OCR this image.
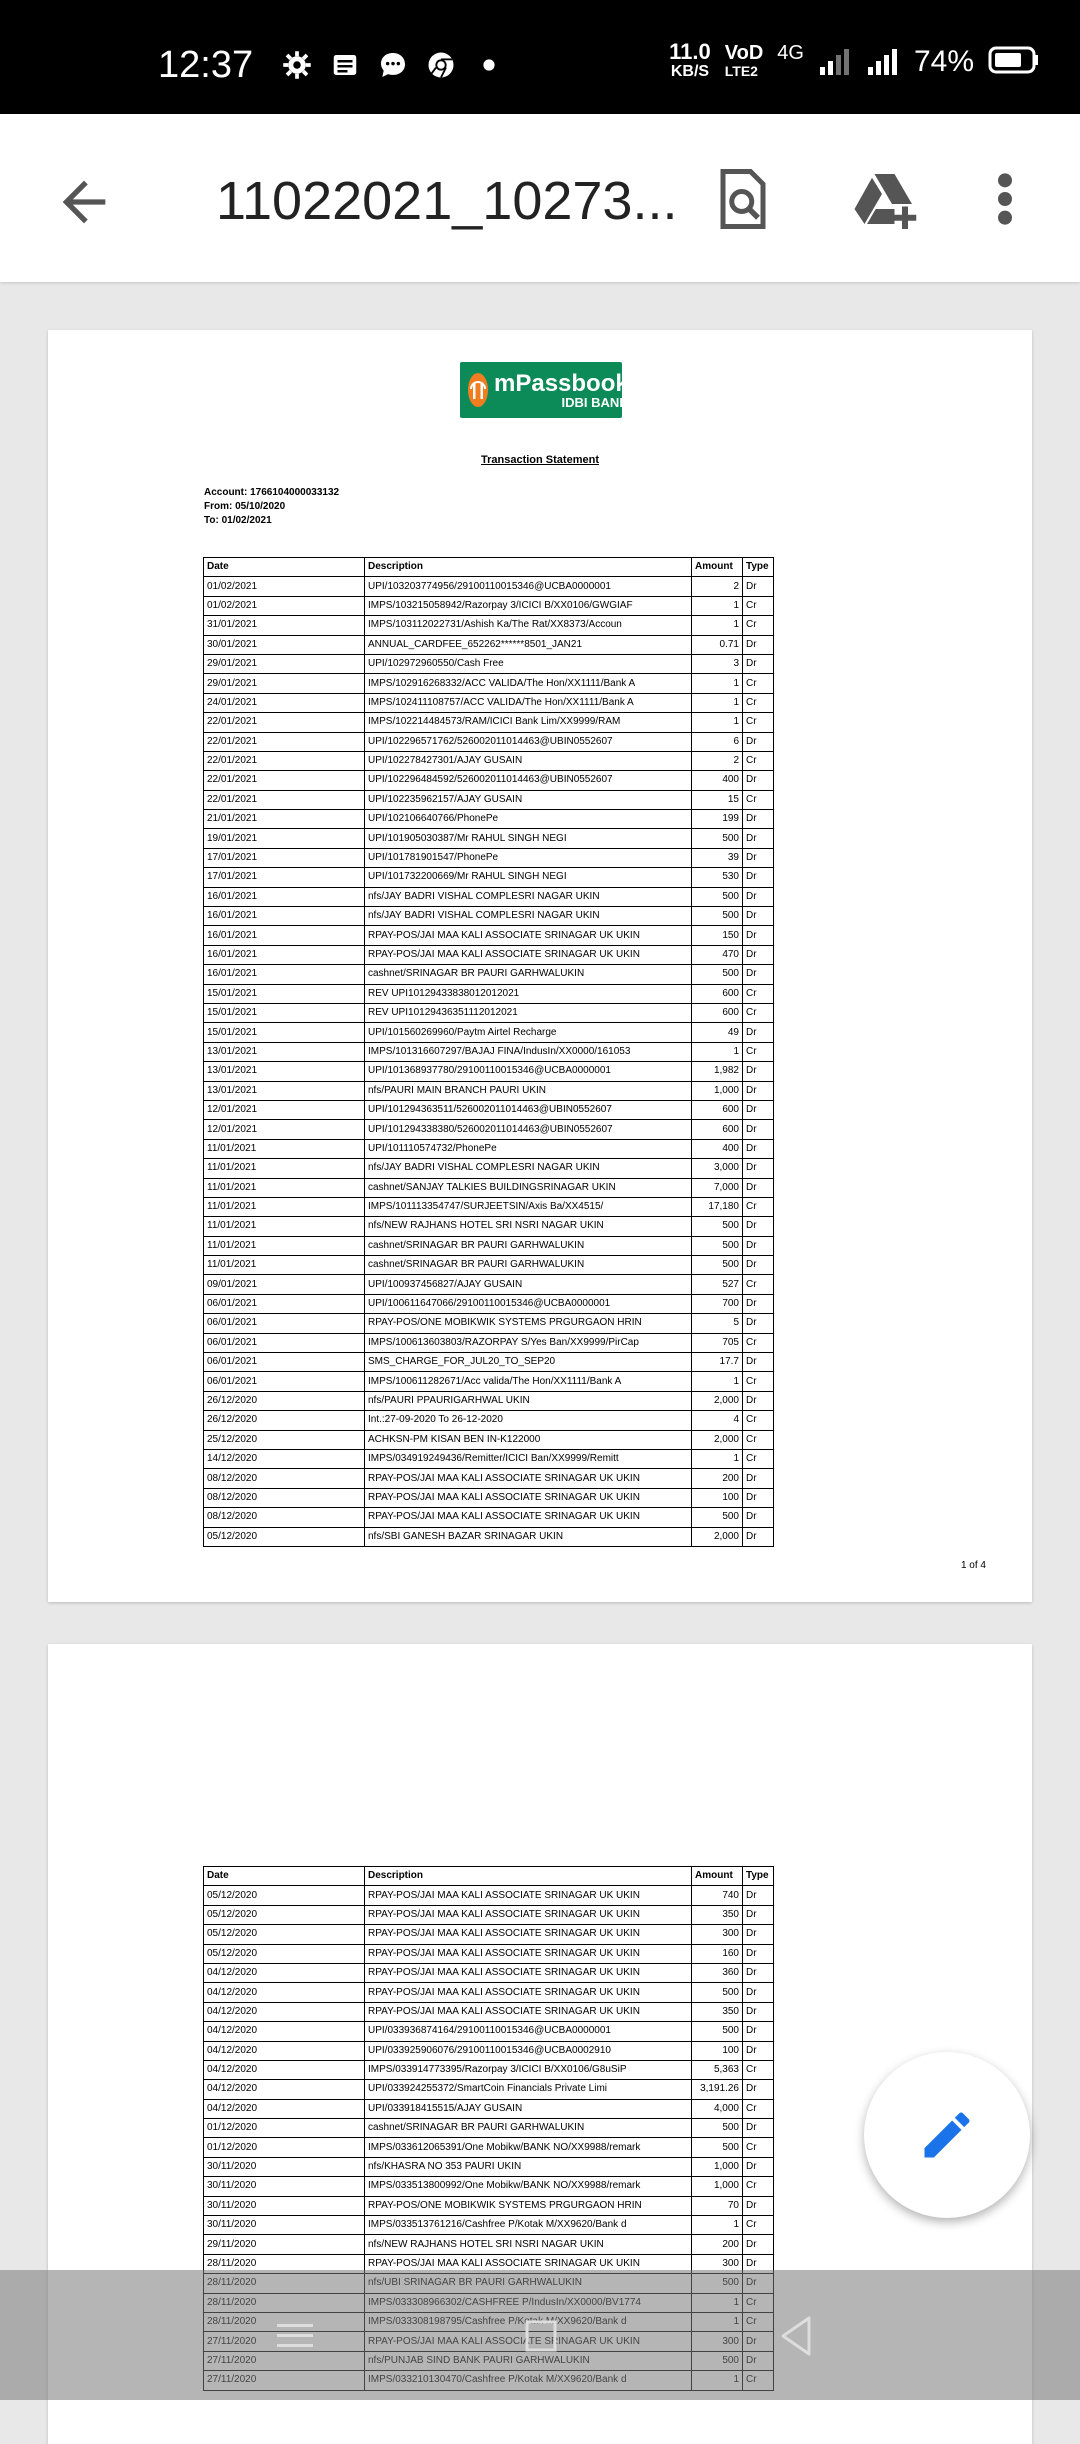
12:37	11.0
KB/S
VoD
LTE2
4G	74%
11022021_10273...
mPassbook
IDBI BANK
Transaction Statement
Account: 1766104000033132
From: 05/10/2020
To: 01/02/2021
Date	Description	Amount	Type
01/02/2021	UPI/103203774956/29100110015346@UCBA0000001	2	Dr
01/02/2021	IMPS/103215058942/Razorpay 3/ICICI B/XX0106/GWGIAF	1	Cr
31/01/2021	IMPS/103112022731/Ashish Ka/The Rat/XX8373/Accoun	1	Cr
30/01/2021	ANNUAL_CARDFEE_652262******8501_JAN21	0.71	Dr
29/01/2021	UPI/102972960550/Cash Free	3	Dr
29/01/2021	IMPS/102916268332/ACC VALIDA/The Hon/XX1111/Bank A	1	Cr
24/01/2021	IMPS/102411108757/ACC VALIDA/The Hon/XX1111/Bank A	1	Cr
22/01/2021	IMPS/102214484573/RAM/ICICI Bank Lim/XX9999/RAM	1	Cr
22/01/2021	UPI/102296571762/526002011014463@UBIN0552607	6	Dr
22/01/2021	UPI/102278427301/AJAY GUSAIN	2	Cr
22/01/2021	UPI/102296484592/526002011014463@UBIN0552607	400	Dr
22/01/2021	UPI/102235962157/AJAY GUSAIN	15	Cr
21/01/2021	UPI/102106640766/PhonePe	199	Dr
19/01/2021	UPI/101905030387/Mr RAHUL SINGH NEGI	500	Dr
17/01/2021	UPI/101781901547/PhonePe	39	Dr
17/01/2021	UPI/101732200669/Mr RAHUL SINGH NEGI	530	Dr
16/01/2021	nfs/JAY BADRI VISHAL COMPLESRI NAGAR UKIN	500	Dr
16/01/2021	nfs/JAY BADRI VISHAL COMPLESRI NAGAR UKIN	500	Dr
16/01/2021	RPAY-POS/JAI MAA KALI ASSOCIATE SRINAGAR UK UKIN	150	Dr
16/01/2021	RPAY-POS/JAI MAA KALI ASSOCIATE SRINAGAR UK UKIN	470	Dr
16/01/2021	cashnet/SRINAGAR BR PAURI GARHWALUKIN	500	Dr
15/01/2021	REV UPI10129433838012012021	600	Cr
15/01/2021	REV UPI10129436351112012021	600	Cr
15/01/2021	UPI/101560269960/Paytm Airtel Recharge	49	Dr
13/01/2021	IMPS/101316607297/BAJAJ FINA/IndusIn/XX0000/161053	1	Cr
13/01/2021	UPI/101368937780/29100110015346@UCBA0000001	1,982	Dr
13/01/2021	nfs/PAURI MAIN BRANCH PAURI UKIN	1,000	Dr
12/01/2021	UPI/101294363511/526002011014463@UBIN0552607	600	Dr
12/01/2021	UPI/101294338380/526002011014463@UBIN0552607	600	Dr
11/01/2021	UPI/101110574732/PhonePe	400	Dr
11/01/2021	nfs/JAY BADRI VISHAL COMPLESRI NAGAR UKIN	3,000	Dr
11/01/2021	cashnet/SANJAY TALKIES BUILDINGSRINAGAR UKIN	7,000	Dr
11/01/2021	IMPS/101113354747/SURJEETSIN/Axis Ba/XX4515/	17,180	Cr
11/01/2021	nfs/NEW RAJHANS HOTEL SRI NSRI NAGAR UKIN	500	Dr
11/01/2021	cashnet/SRINAGAR BR PAURI GARHWALUKIN	500	Dr
11/01/2021	cashnet/SRINAGAR BR PAURI GARHWALUKIN	500	Dr
09/01/2021	UPI/100937456827/AJAY GUSAIN	527	Cr
06/01/2021	UPI/100611647066/29100110015346@UCBA0000001	700	Dr
06/01/2021	RPAY-POS/ONE MOBIKWIK SYSTEMS PRGURGAON HRIN	5	Dr
06/01/2021	IMPS/100613603803/RAZORPAY S/Yes Ban/XX9999/PirCap	705	Cr
06/01/2021	SMS_CHARGE_FOR_JUL20_TO_SEP20	17.7	Dr
06/01/2021	IMPS/100611282671/Acc valida/The Hon/XX1111/Bank A	1	Cr
26/12/2020	nfs/PAURI PPAURIGARHWAL UKIN	2,000	Dr
26/12/2020	Int.:27-09-2020 To 26-12-2020	4	Cr
25/12/2020	ACHKSN-PM KISAN BEN IN-K122000	2,000	Cr
14/12/2020	IMPS/034919249436/Remitter/ICICI Ban/XX9999/Remitt	1	Cr
08/12/2020	RPAY-POS/JAI MAA KALI ASSOCIATE SRINAGAR UK UKIN	200	Dr
08/12/2020	RPAY-POS/JAI MAA KALI ASSOCIATE SRINAGAR UK UKIN	100	Dr
08/12/2020	RPAY-POS/JAI MAA KALI ASSOCIATE SRINAGAR UK UKIN	500	Dr
05/12/2020	nfs/SBI GANESH BAZAR SRINAGAR UKIN	2,000	Dr
1 of 4
Date	Description	Amount	Type
05/12/2020	RPAY-POS/JAI MAA KALI ASSOCIATE SRINAGAR UK UKIN	740	Dr
05/12/2020	RPAY-POS/JAI MAA KALI ASSOCIATE SRINAGAR UK UKIN	350	Dr
05/12/2020	RPAY-POS/JAI MAA KALI ASSOCIATE SRINAGAR UK UKIN	300	Dr
05/12/2020	RPAY-POS/JAI MAA KALI ASSOCIATE SRINAGAR UK UKIN	160	Dr
04/12/2020	RPAY-POS/JAI MAA KALI ASSOCIATE SRINAGAR UK UKIN	360	Dr
04/12/2020	RPAY-POS/JAI MAA KALI ASSOCIATE SRINAGAR UK UKIN	500	Dr
04/12/2020	RPAY-POS/JAI MAA KALI ASSOCIATE SRINAGAR UK UKIN	350	Dr
04/12/2020	UPI/033936874164/29100110015346@UCBA0000001	500	Dr
04/12/2020	UPI/033925906076/29100110015346@UCBA0002910	100	Dr
04/12/2020	IMPS/033914773395/Razorpay 3/ICICI B/XX0106/G8uSiP	5,363	Cr
04/12/2020	UPI/033924255372/SmartCoin Financials Private Limi	3,191.26	Dr
04/12/2020	UPI/033918415515/AJAY GUSAIN	4,000	Cr
01/12/2020	cashnet/SRINAGAR BR PAURI GARHWALUKIN	500	Dr
01/12/2020	IMPS/033612065391/One Mobikw/BANK NO/XX9988/remark	500	Cr
30/11/2020	nfs/KHASRA NO 353 PAURI UKIN	1,000	Dr
30/11/2020	IMPS/033513800992/One Mobikw/BANK NO/XX9988/remark	1,000	Cr
30/11/2020	RPAY-POS/ONE MOBIKWIK SYSTEMS PRGURGAON HRIN	70	Dr
30/11/2020	IMPS/033513761216/Cashfree P/Kotak M/XX9620/Bank d	1	Cr
29/11/2020	nfs/NEW RAJHANS HOTEL SRI NSRI NAGAR UKIN	200	Dr
28/11/2020	RPAY-POS/JAI MAA KALI ASSOCIATE SRINAGAR UK UKIN	300	Dr
